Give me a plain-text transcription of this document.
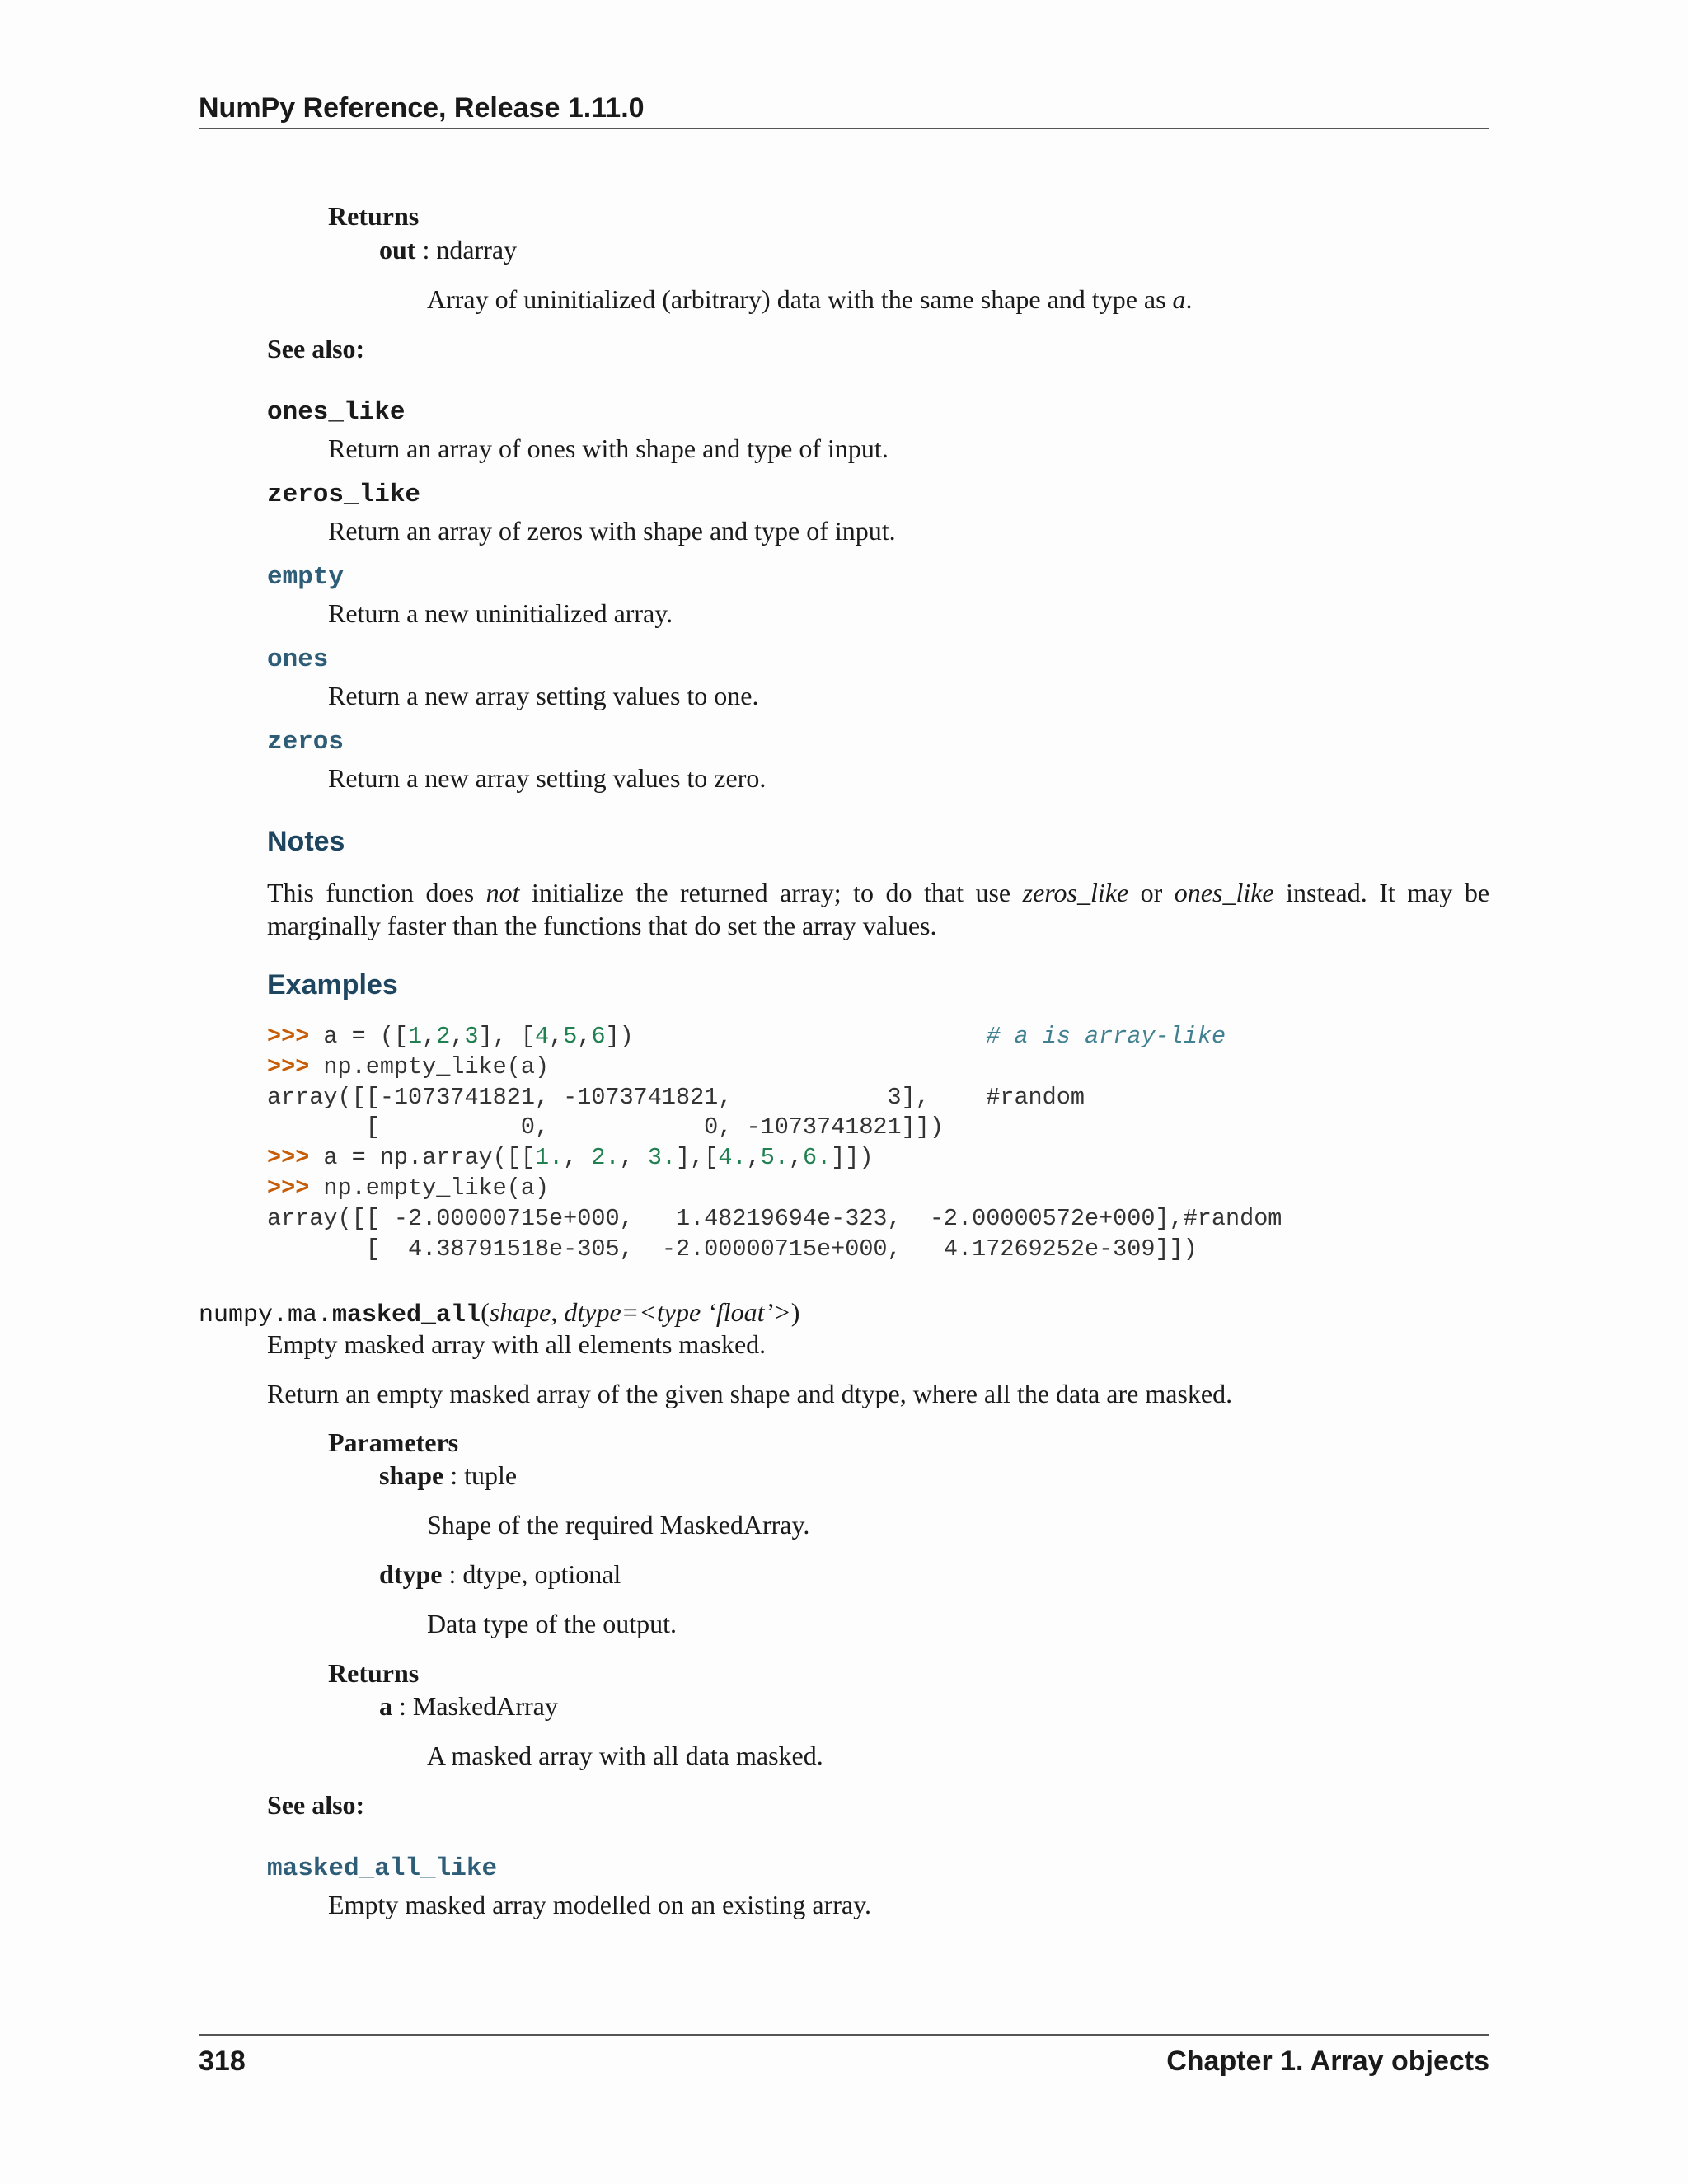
NumPy Reference, Release 1.11.0
Returns
out : ndarray
Array of uninitialized (arbitrary) data with the same shape and type as a.
See also:
ones_like
Return an array of ones with shape and type of input.
zeros_like
Return an array of zeros with shape and type of input.
empty
Return a new uninitialized array.
ones
Return a new array setting values to one.
zeros
Return a new array setting values to zero.
Notes
This function does not initialize the returned array; to do that use zeros_like or ones_like instead. It may be marginally faster than the functions that do set the array values.
Examples
>>> a = ([1,2,3], [4,5,6])                         # a is array-like
>>> np.empty_like(a)
array([[-1073741821, -1073741821,           3],    #random
[          0,           0, -1073741821]])
>>> a = np.array([[1., 2., 3.],[4.,5.,6.]])
>>> np.empty_like(a)
array([[ -2.00000715e+000,   1.48219694e-323,  -2.00000572e+000],#random
[  4.38791518e-305,  -2.00000715e+000,   4.17269252e-309]])
numpy.ma.masked_all(shape, dtype=<type ‘float’>)
Empty masked array with all elements masked.
Return an empty masked array of the given shape and dtype, where all the data are masked.
Parameters
shape : tuple
Shape of the required MaskedArray.
dtype : dtype, optional
Data type of the output.
Returns
a : MaskedArray
A masked array with all data masked.
See also:
masked_all_like
Empty masked array modelled on an existing array.
318	Chapter 1. Array objects
